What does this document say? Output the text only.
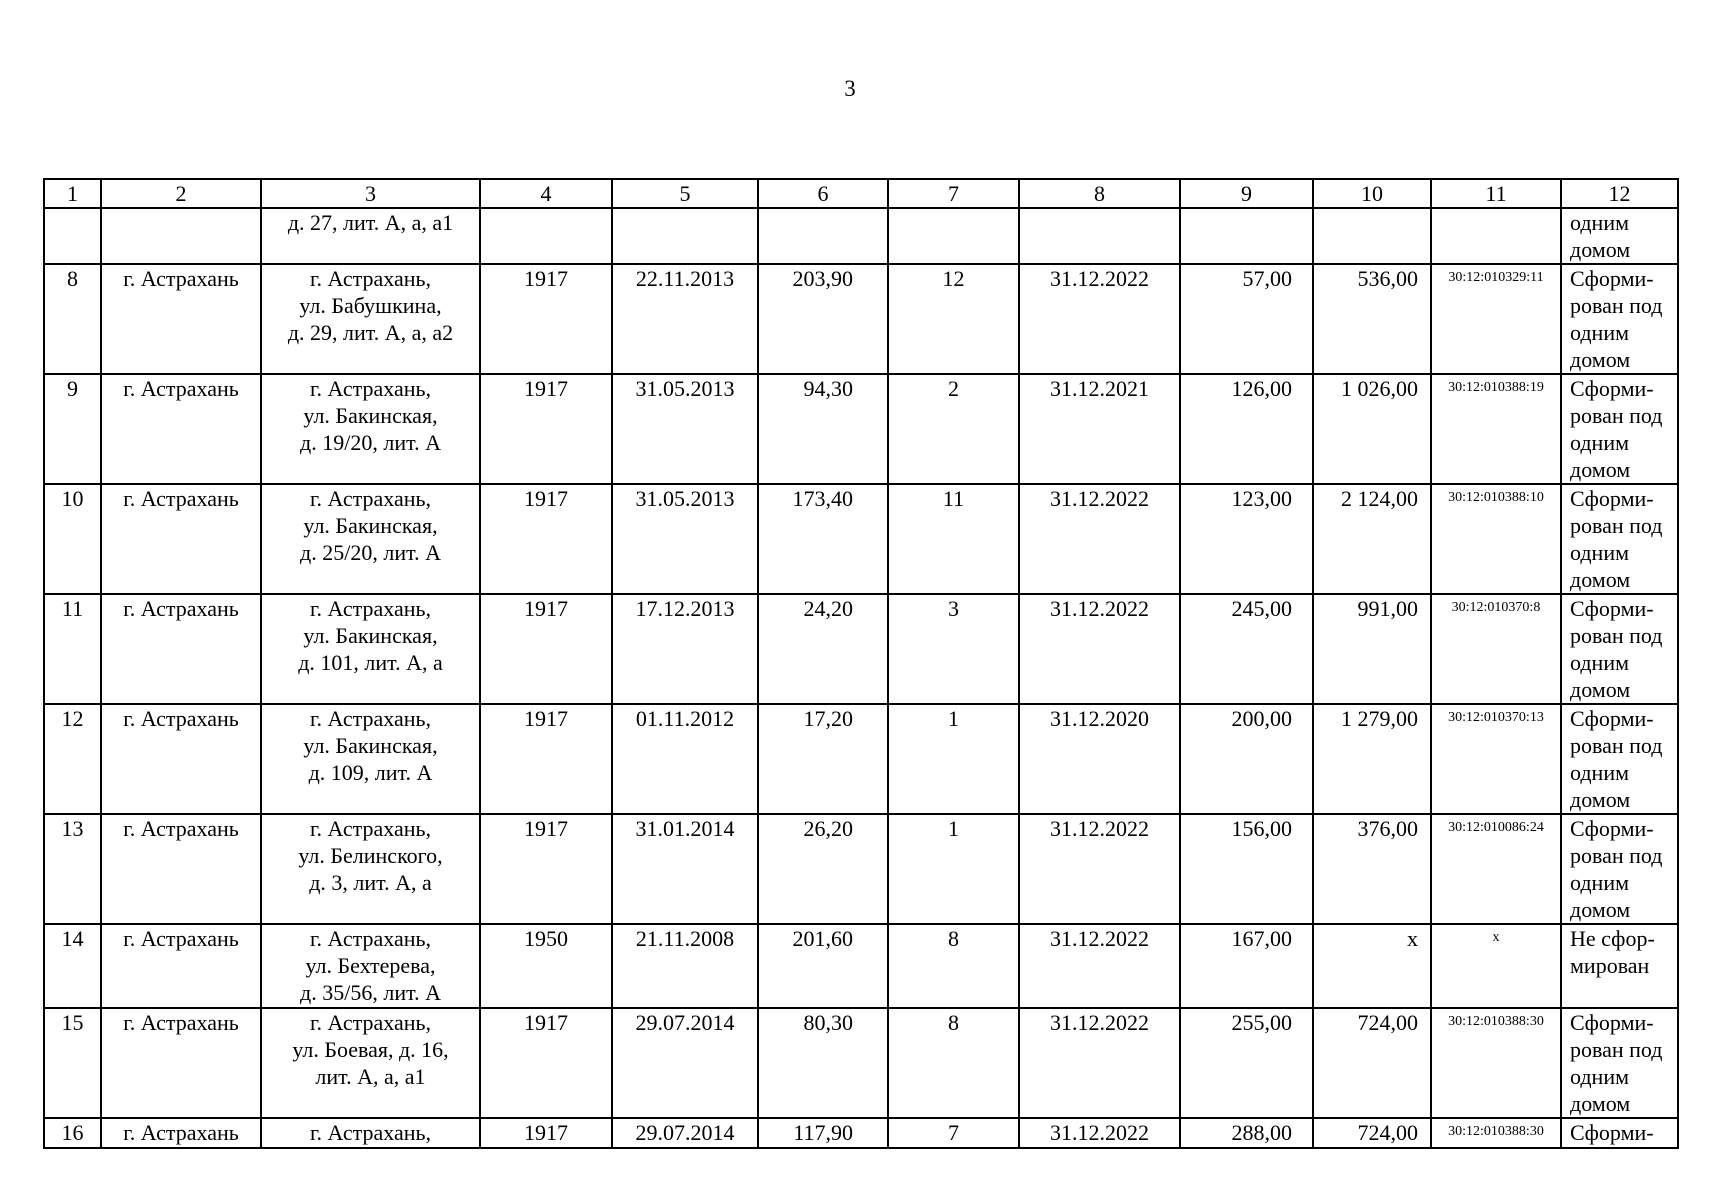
3
1	2	3	4	5	6	7	8	9	10	11	12
		д. 27, лит. А, а, а1									одним
домом

8	г. Астрахань	г. Астрахань,
ул. Бабушкина,
д. 29, лит. А, а, а2	1917	22.11.2013	203,90	12	31.12.2022	57,00	536,00	30:12:010329:11	Сформи-
рован под
одним
домом

9	г. Астрахань	г. Астрахань,
ул. Бакинская,
д. 19/20, лит. А	1917	31.05.2013	94,30	2	31.12.2021	126,00	1 026,00	30:12:010388:19	Сформи-
рован под
одним
домом

10	г. Астрахань	г. Астрахань,
ул. Бакинская,
д. 25/20, лит. А	1917	31.05.2013	173,40	11	31.12.2022	123,00	2 124,00	30:12:010388:10	Сформи-
рован под
одним
домом

11	г. Астрахань	г. Астрахань,
ул. Бакинская,
д. 101, лит. А, а	1917	17.12.2013	24,20	3	31.12.2022	245,00	991,00	30:12:010370:8	Сформи-
рован под
одним
домом

12	г. Астрахань	г. Астрахань,
ул. Бакинская,
д. 109, лит. А	1917	01.11.2012	17,20	1	31.12.2020	200,00	1 279,00	30:12:010370:13	Сформи-
рован под
одним
домом

13	г. Астрахань	г. Астрахань,
ул. Белинского,
д. 3, лит. А, а	1917	31.01.2014	26,20	1	31.12.2022	156,00	376,00	30:12:010086:24	Сформи-
рован под
одним
домом

14	г. Астрахань	г. Астрахань,
ул. Бехтерева,
д. 35/56, лит. А	1950	21.11.2008	201,60	8	31.12.2022	167,00	x	x	Не сфор-
мирован

15	г. Астрахань	г. Астрахань,
ул. Боевая, д. 16,
лит. А, а, а1	1917	29.07.2014	80,30	8	31.12.2022	255,00	724,00	30:12:010388:30	Сформи-
рован под
одним
домом

16	г. Астрахань	г. Астрахань,	1917	29.07.2014	117,90	7	31.12.2022	288,00	724,00	30:12:010388:30	Сформи-
